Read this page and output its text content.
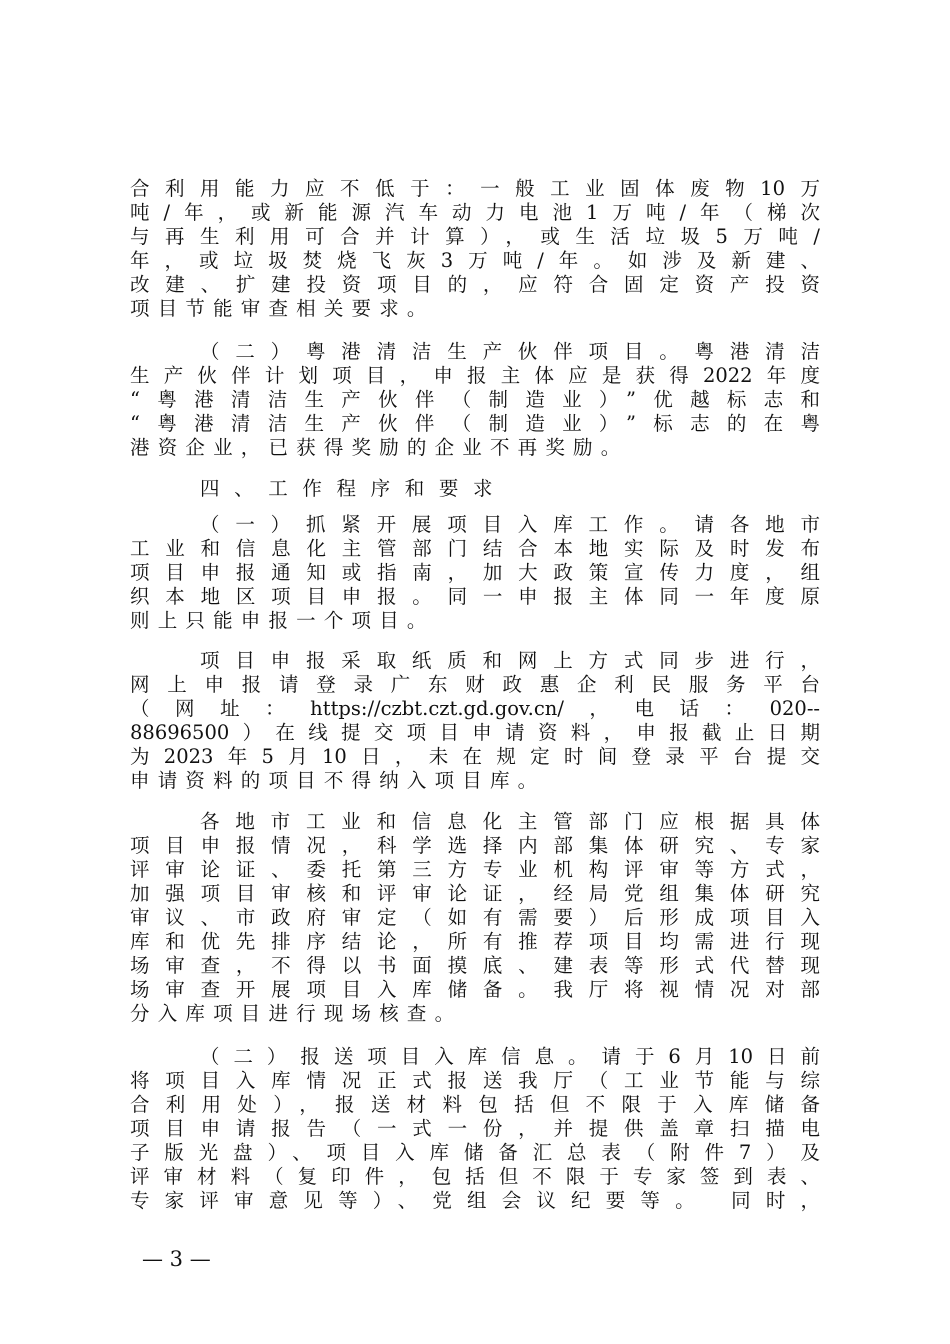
合利用能力应不低于：一般工业固体废物10万
吨/年，或新能源汽车动力电池1万吨/年（梯次
与再生利用可合并计算），或生活垃圾5万吨/
年，或垃圾焚烧飞灰3万吨/年。如涉及新建、
改建、扩建投资项目的，应符合固定资产投资
项目节能审查相关要求。
（二）粤港清洁生产伙伴项目。粤港清洁
生产伙伴计划项目，申报主体应是获得2022年度
“粤港清洁生产伙伴（制造业）”优越标志和
“粤港清洁生产伙伴（制造业）”标志的在粤
港资企业，已获得奖励的企业不再奖励。
四、工作程序和要求
（一）抓紧开展项目入库工作。请各地市
工业和信息化主管部门结合本地实际及时发布
项目申报通知或指南，加大政策宣传力度，组
织本地区项目申报。同一申报主体同一年度原
则上只能申报一个项目。
项目申报采取纸质和网上方式同步进行，
网上申报请登录广东财政惠企利民服务平台
（网址：https://czbt.czt.gd.gov.cn/，电话：020--
88696500）在线提交项目申请资料，申报截止日期
为2023年5月10日，未在规定时间登录平台提交
申请资料的项目不得纳入项目库。
各地市工业和信息化主管部门应根据具体
项目申报情况，科学选择内部集体研究、专家
评审论证、委托第三方专业机构评审等方式，
加强项目审核和评审论证，经局党组集体研究
审议、市政府审定（如有需要）后形成项目入
库和优先排序结论，所有推荐项目均需进行现
场审查，不得以书面摸底、建表等形式代替现
场审查开展项目入库储备。我厅将视情况对部
分入库项目进行现场核查。
（二）报送项目入库信息。请于6月10日前
将项目入库情况正式报送我厅（工业节能与综
合利用处），报送材料包括但不限于入库储备
项目申请报告（一式一份，并提供盖章扫描电
子版光盘）、项目入库储备汇总表（附件7）及
评审材料（复印件，包括但不限于专家签到表、
专家评审意见等）、党组会议纪要等。 同时，
— 3 —
